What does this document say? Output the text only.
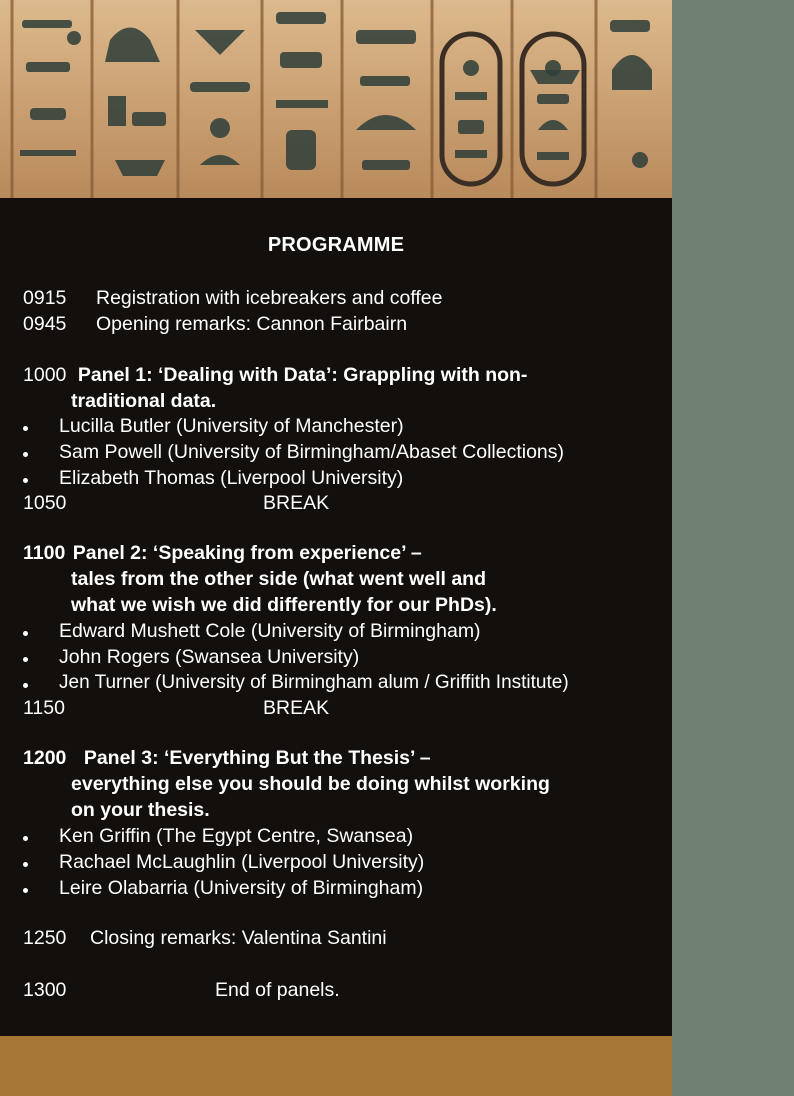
PROGRAMME
0915 Registration with icebreakers and coffee
0945 Opening remarks: Cannon Fairbairn
1000 Panel 1: ‘Dealing with Data’: Grappling with non-
traditional data.
Lucilla Butler (University of Manchester)
Sam Powell (University of Birmingham/Abaset Collections)
Elizabeth Thomas (Liverpool University)
1050	BREAK
1100 Panel 2: ‘Speaking from experience’ –
tales from the other side (what went well and
what we wish we did differently for our PhDs).
Edward Mushett Cole (University of Birmingham)
John Rogers (Swansea University)
Jen Turner (University of Birmingham alum / Griffith Institute)
1150	BREAK
1200 Panel 3: ‘Everything But the Thesis’ –
everything else you should be doing whilst working
on your thesis.
Ken Griffin (The Egypt Centre, Swansea)
Rachael McLaughlin (Liverpool University)
Leire Olabarria (University of Birmingham)
1250 Closing remarks: Valentina Santini
1300	End of panels.
